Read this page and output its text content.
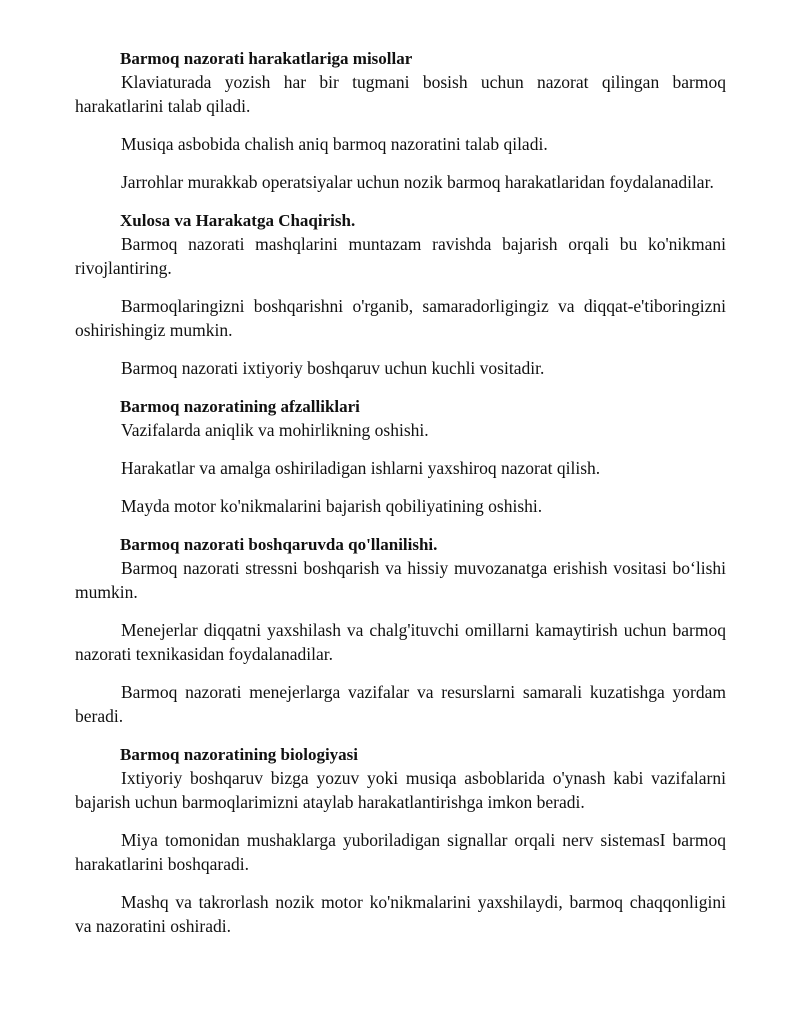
Barmoq nazorati harakatlariga misollar

Klaviaturada yozish har bir tugmani bosish uchun nazorat qilingan barmoq harakatlarini talab qiladi.

Musiqa asbobida chalish aniq barmoq nazoratini talab qiladi.

Jarrohlar murakkab operatsiyalar uchun nozik barmoq harakatlaridan foydalanadilar.

Xulosa va Harakatga Chaqirish.

Barmoq nazorati mashqlarini muntazam ravishda bajarish orqali bu ko'nikmani rivojlantiring.

Barmoqlaringizni boshqarishni o'rganib, samaradorligingiz va diqqat-e'tiboringizni oshirishingiz mumkin.

Barmoq nazorati ixtiyoriy boshqaruv uchun kuchli vositadir.

Barmoq nazoratining afzalliklari

Vazifalarda aniqlik va mohirlikning oshishi.

Harakatlar va amalga oshiriladigan ishlarni yaxshiroq nazorat qilish.

Mayda motor ko'nikmalarini bajarish qobiliyatining oshishi.

Barmoq nazorati boshqaruvda qo'llanilishi.

Barmoq nazorati stressni boshqarish va hissiy muvozanatga erishish vositasi bo‘lishi mumkin.

Menejerlar diqqatni yaxshilash va chalg'ituvchi omillarni kamaytirish uchun barmoq nazorati texnikasidan foydalanadilar.

Barmoq nazorati menejerlarga vazifalar va resurslarni samarali kuzatishga yordam beradi.

Barmoq nazoratining biologiyasi

Ixtiyoriy boshqaruv bizga yozuv yoki musiqa asboblarida o'ynash kabi vazifalarni bajarish uchun barmoqlarimizni ataylab harakatlantirishga imkon beradi.

Miya tomonidan mushaklarga yuboriladigan signallar orqali nerv sistemasI barmoq harakatlarini boshqaradi.

Mashq va takrorlash nozik motor ko'nikmalarini yaxshilaydi, barmoq chaqqonligini va nazoratini oshiradi.
